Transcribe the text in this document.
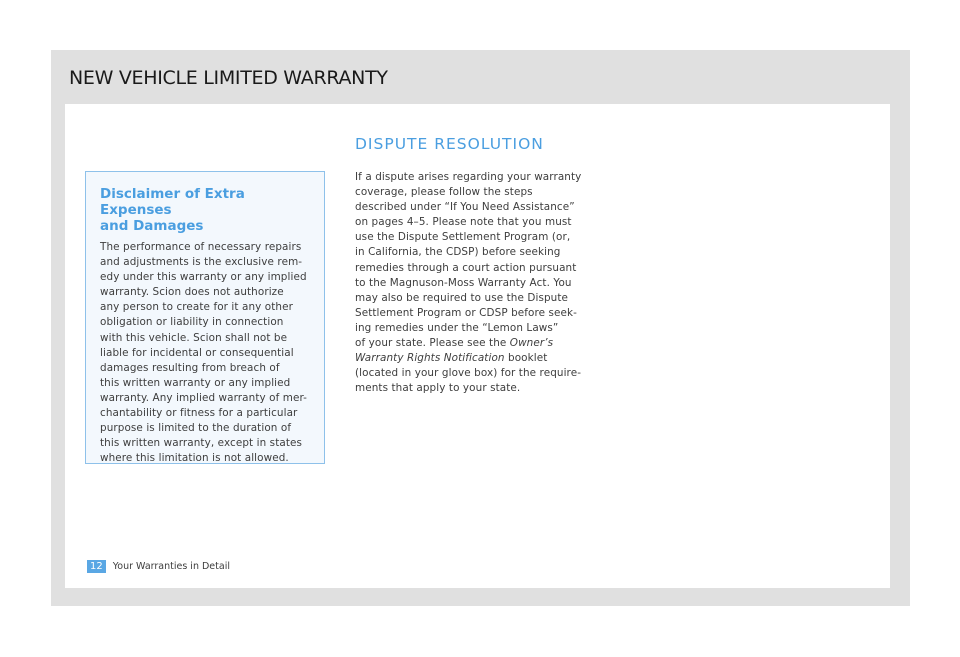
NEW VEHICLE LIMITED WARRANTY
Disclaimer of Extra Expenses
and Damages
The performance of necessary repairs
and adjustments is the exclusive rem-
edy under this warranty or any implied
warranty. Scion does not authorize
any person to create for it any other
obligation or liability in connection
with this vehicle. Scion shall not be
liable for incidental or consequential
damages resulting from breach of
this written warranty or any implied
warranty. Any implied warranty of mer-
chantability or fitness for a particular
purpose is limited to the duration of
this written warranty, except in states
where this limitation is not allowed.
DISPUTE RESOLUTION
If a dispute arises regarding your warranty
coverage, please follow the steps
described under “If You Need Assistance”
on pages 4–5. Please note that you must
use the Dispute Settlement Program (or,
in California, the CDSP) before seeking
remedies through a court action pursuant
to the Magnuson-Moss Warranty Act. You
may also be required to use the Dispute
Settlement Program or CDSP before seek-
ing remedies under the “Lemon Laws”
of your state. Please see the Owner’s
Warranty Rights Notification booklet
(located in your glove box) for the require-
ments that apply to your state.
12	Your Warranties in Detail
